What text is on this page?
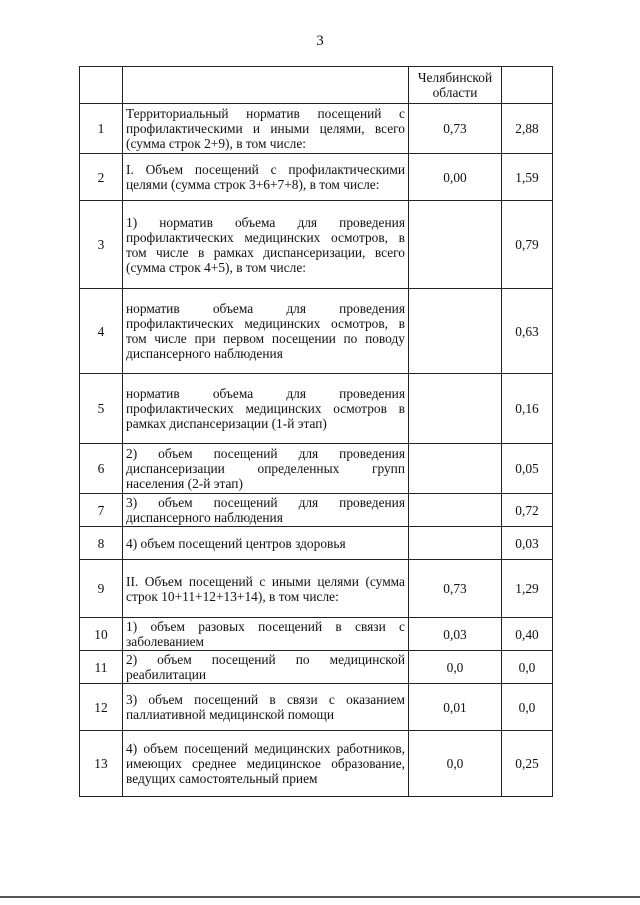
3
		Челябинской области	
1	Территориальный норматив посещений с профилактическими и иными целями, всего (сумма строк 2+9), в том числе:	0,73	2,88
2	I. Объем посещений с профилактическими целями (сумма строк 3+6+7+8), в том числе:	0,00	1,59
3	1) норматив объема для проведения профилактических медицинских осмотров, в том числе в рамках диспансеризации, всего (сумма строк 4+5), в том числе:		0,79
4	норматив объема для проведения профилактических медицинских осмотров, в том числе при первом посещении по поводу диспансерного наблюдения		0,63
5	норматив объема для проведения профилактических медицинских осмотров в рамках диспансеризации (1-й этап)		0,16
6	2) объем посещений для проведения диспансеризации определенных групп населения (2-й этап)		0,05
7	3) объем посещений для проведения диспансерного наблюдения		0,72
8	4) объем посещений центров здоровья		0,03
9	II. Объем посещений с иными целями (сумма строк 10+11+12+13+14), в том числе:	0,73	1,29
10	1) объем разовых посещений в связи с заболеванием	0,03	0,40
11	2) объем посещений по медицинской реабилитации	0,0	0,0
12	3) объем посещений в связи с оказанием паллиативной медицинской помощи	0,01	0,0
13	4) объем посещений медицинских работников, имеющих среднее медицинское образование, ведущих самостоятельный прием	0,0	0,25
